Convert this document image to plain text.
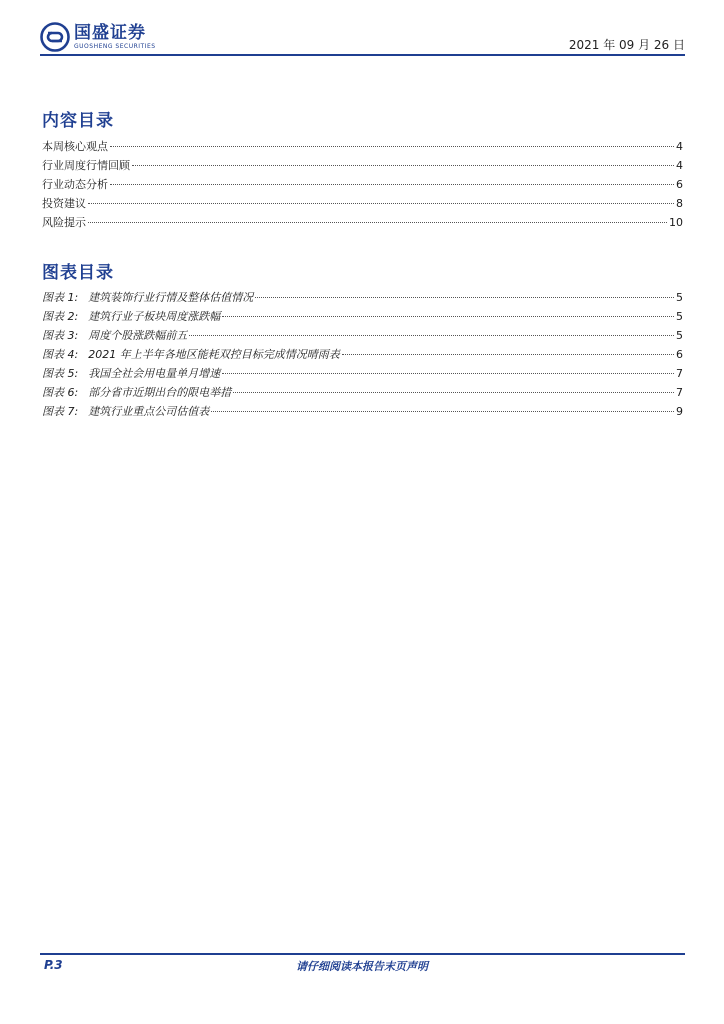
国盛证券
GUOSHENG SECURITIES	2021 年 09 月 26 日
内容目录
本周核心观点	4
行业周度行情回顾	4
行业动态分析	6
投资建议	8
风险提示	10
图表目录
图表 1: 建筑装饰行业行情及整体估值情况	5
图表 2: 建筑行业子板块周度涨跌幅	5
图表 3: 周度个股涨跌幅前五	5
图表 4: 2021 年上半年各地区能耗双控目标完成情况晴雨表	6
图表 5: 我国全社会用电量单月增速	7
图表 6: 部分省市近期出台的限电举措	7
图表 7: 建筑行业重点公司估值表	9
P.3	请仔细阅读本报告末页声明
